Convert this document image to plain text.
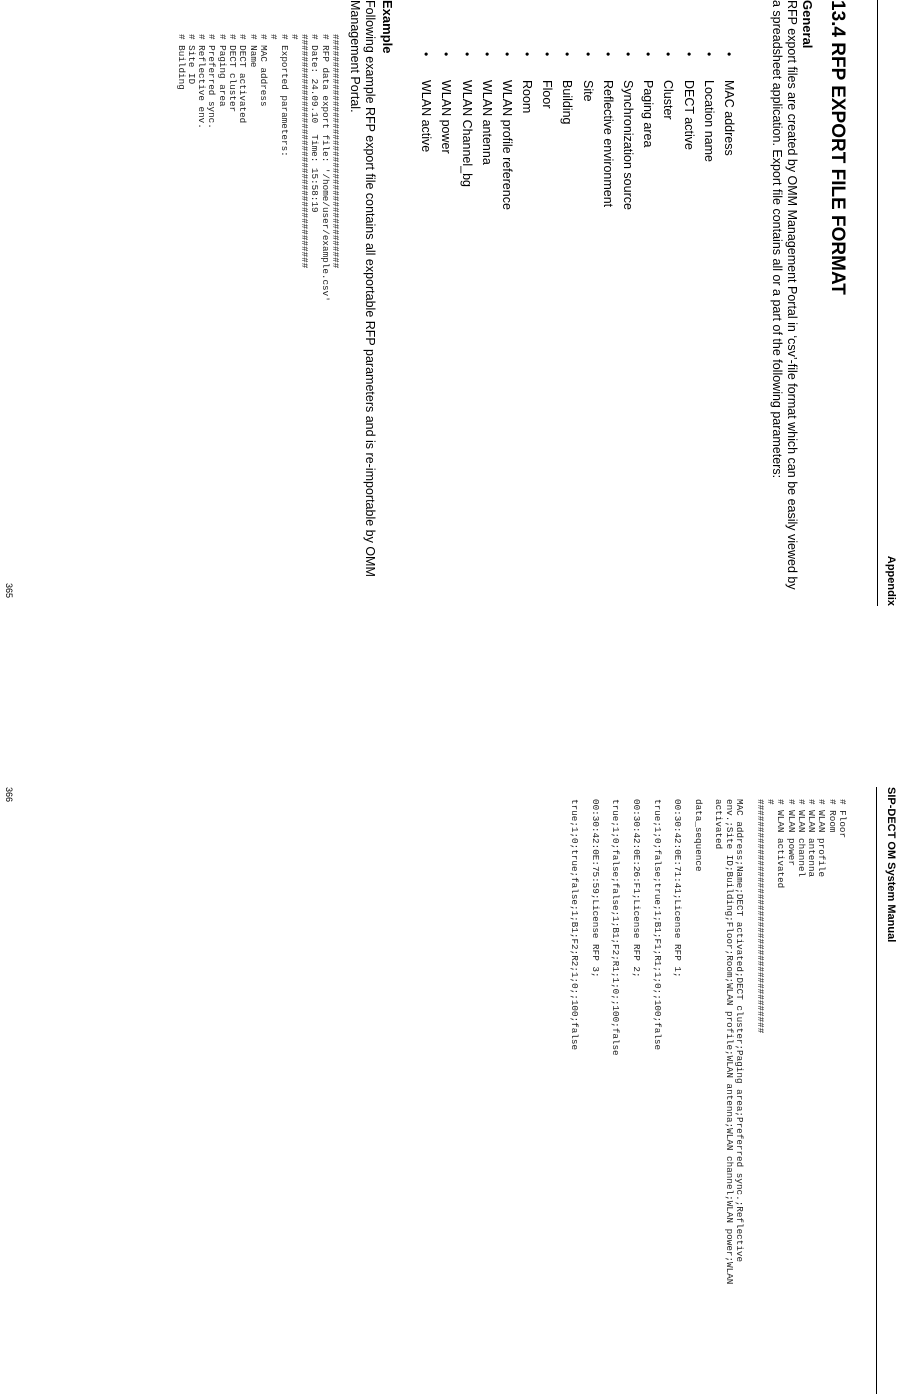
Appendix
13.4 RFP EXPORT FILE FORMAT
General

RFP export files are created by OMM Management Portal in ‘csv’-file format which can be easily viewed by a spreadsheet application. Export file contains all or a part of the following parameters:

•
MAC address
•
Location name
•
DECT active
•
Cluster
•
Paging area
•
Synchronization source
•
Reflective environment
•
Site
•
Building
•
Floor
•
Room
•
WLAN profile reference
•
WLAN antenna
•
WLAN Channel_bg
•
WLAN power
•
WLAN active
Example

Following example RFP export file contains all exportable RFP parameters and is re-importable by OMM Management Portal.

##########################################
# RFP data export file: '/home/user/example.csv'
# Date: 24.09.10  Time: 15:58:19
##########################################
#
# Exported parameters:
#
# MAC address
# Name
# DECT activated
# DECT cluster
# Paging area
# Preferred sync.
# Reflective env.
# Site ID
# Building
365
SIP-DECT OM System Manual
# Floor
# Room
# WLAN profile
# WLAN antenna
# WLAN channel
# WLAN power
# WLAN activated
#
##########################################
MAC address;Name;DECT activated;DECT cluster;Paging area;Preferred sync.;Reflective
env.;Site ID;Building;Floor;Room;WLAN profile;WLAN antenna;WLAN channel;WLAN power;WLAN
activated
data_sequence
00:30:42:0E:71:41;License RFP 1;
true;1;0;false;true;1;B1;F1;R1;1;0;;100;false
00:30:42:0E:26:F1;License RFP 2;
true;1;0;false;false;1;B1;F2;R1;1;0;;100;false
00:30:42:0E:75:59;License RFP 3;
true;1;0;true;false;1;B1;F2;R2;1;0;;100;false
366
